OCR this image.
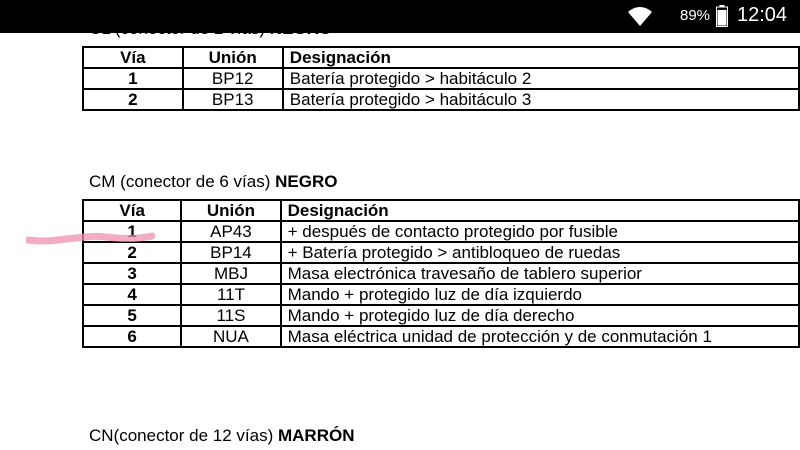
Vía	Unión	Designación
1	BP12	Batería protegido > habitáculo 2
2	BP13	Batería protegido > habitáculo 3
CM (conector de 6 vías) NEGRO
Vía	Unión	Designación
1	AP43	+ después de contacto protegido por fusible
2	BP14	+ Batería protegido > antibloqueo de ruedas
3	MBJ	Masa electrónica travesaño de tablero superior
4	11T	Mando + protegido luz de día izquierdo
5	11S	Mando + protegido luz de día derecho
6	NUA	Masa eléctrica unidad de protección y de conmutación 1
CN(conector de 12 vías) MARRÓN
89% 12:04
